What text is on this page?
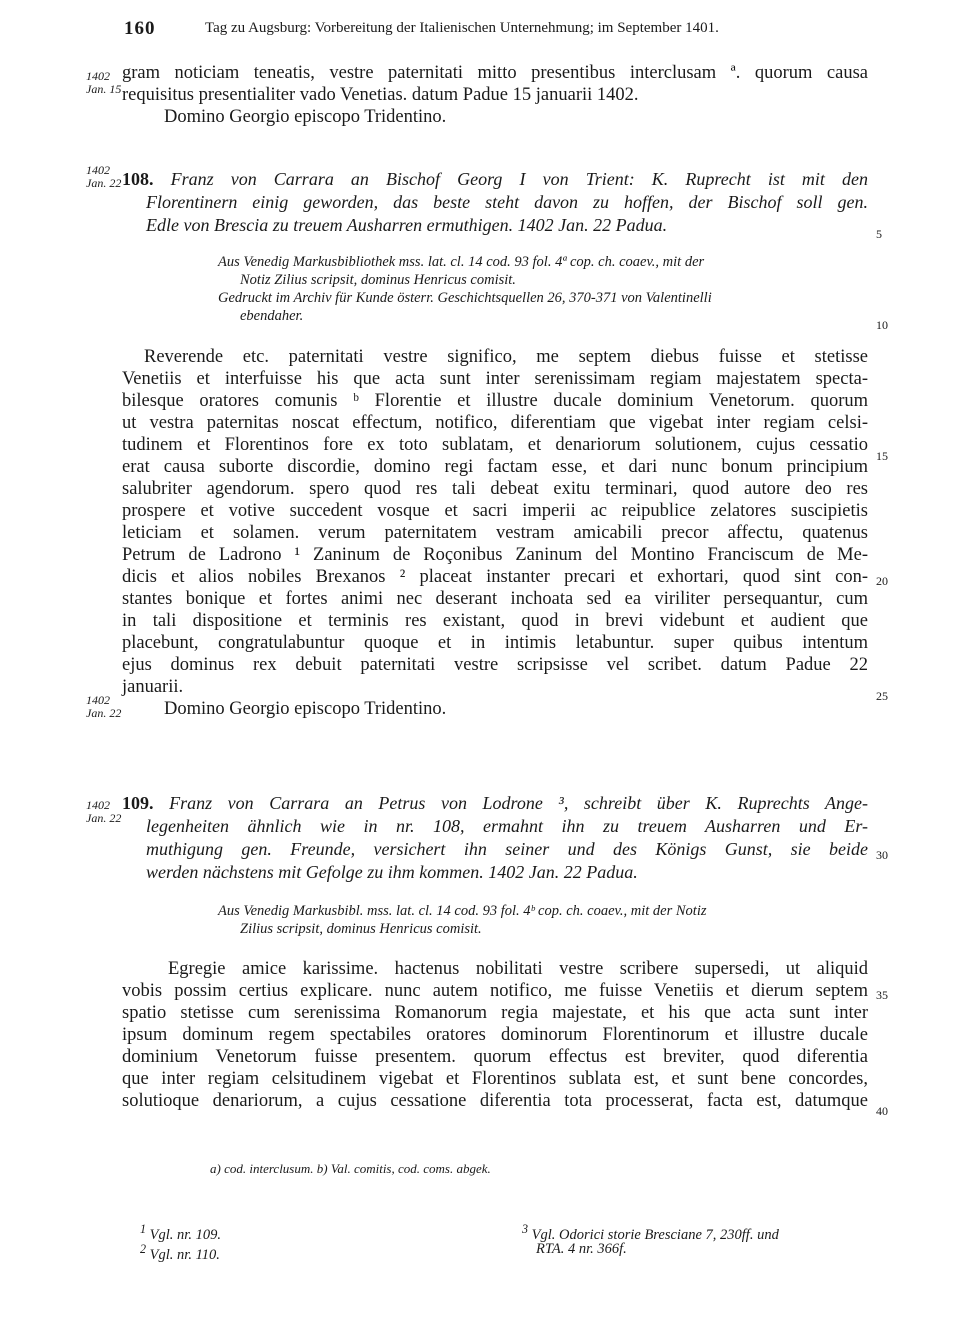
160	Tag zu Augsburg: Vorbereitung der Italienischen Unternehmung; im September 1401.
1402
Jan. 15
1402
Jan. 22
1402
Jan. 22
1402
Jan. 22
5
10
15
20
25
30
35
40

gram noticiam teneatis, vestre paternitati mitto presentibus interclusam ª. quorum causa

requisitus presentialiter vado Venetias. datum Padue 15 januarii 1402.

Domino Georgio episcopo Tridentino.

108. Franz von Carrara an Bischof Georg I von Trient: K. Ruprecht ist mit den

Florentinern einig geworden, das beste steht davon zu hoffen, der Bischof soll gen.

Edle von Brescia zu treuem Ausharren ermuthigen. 1402 Jan. 22 Padua.

Aus Venedig Markusbibliothek mss. lat. cl. 14 cod. 93 fol. 4ª cop. ch. coaev., mit der

Notiz Zilius scripsit, dominus Henricus comisit.

Gedruckt im Archiv für Kunde österr. Geschichtsquellen 26, 370-371 von Valentinelli

ebendaher.

Reverende etc. paternitati vestre significo, me septem diebus fuisse et stetisse

Venetiis et interfuisse his que acta sunt inter serenissimam regiam majestatem specta-

bilesque oratores comunis ᵇ Florentie et illustre ducale dominium Venetorum. quorum

ut vestra paternitas noscat effectum, notifico, diferentiam que vigebat inter regiam celsi-

tudinem et Florentinos fore ex toto sublatam, et denariorum solutionem, cujus cessatio

erat causa suborte discordie, domino regi factam esse, et dari nunc bonum principium

salubriter agendorum. spero quod res tali debeat exitu terminari, quod autore deo res

prospere et votive succedent vosque et sacri imperii ac reipublice zelatores suscipietis

leticiam et solamen. verum paternitatem vestram amicabili precor affectu, quatenus

Petrum de Ladrono ¹ Zaninum de Roçonibus Zaninum del Montino Franciscum de Me-

dicis et alios nobiles Brexanos ² placeat instanter precari et exhortari, quod sint con-

stantes bonique et fortes animi nec deserant inchoata sed ea viriliter persequantur, cum

in tali dispositione et terminis res existant, quod in brevi videbunt et audient que

placebunt, congratulabuntur quoque et in intimis letabuntur. super quibus intentum

ejus dominus rex debuit paternitati vestre scripsisse vel scribet. datum Padue 22

januarii.

Domino Georgio episcopo Tridentino.

109. Franz von Carrara an Petrus von Lodrone ³, schreibt über K. Ruprechts Ange-

legenheiten ähnlich wie in nr. 108, ermahnt ihn zu treuem Ausharren und Er-

muthigung gen. Freunde, versichert ihn seiner und des Königs Gunst, sie beide

werden nächstens mit Gefolge zu ihm kommen. 1402 Jan. 22 Padua.

Aus Venedig Markusbibl. mss. lat. cl. 14 cod. 93 fol. 4ᵇ cop. ch. coaev., mit der Notiz

Zilius scripsit, dominus Henricus comisit.

Egregie amice karissime. hactenus nobilitati vestre scribere supersedi, ut aliquid

vobis possim certius explicare. nunc autem notifico, me fuisse Venetiis et dierum septem

spatio stetisse cum serenissima Romanorum regia majestate, et his que acta sunt inter

ipsum dominum regem spectabiles oratores dominorum Florentinorum et illustre ducale

dominium Venetorum fuisse presentem. quorum effectus est breviter, quod diferentia

que inter regiam celsitudinem vigebat et Florentinos sublata est, et sunt bene concordes,

solutioque denariorum, a cujus cessatione diferentia tota processerat, facta est, datumque

a) cod. interclusum. b) Val. comitis, cod. coms. abgek.
$^1$ Vgl. nr. 109.
$^2$ Vgl. nr. 110.
$^3$ Vgl. Odorici storie Bresciane 7, 230ff. und
RTA. 4 nr. 366f.
